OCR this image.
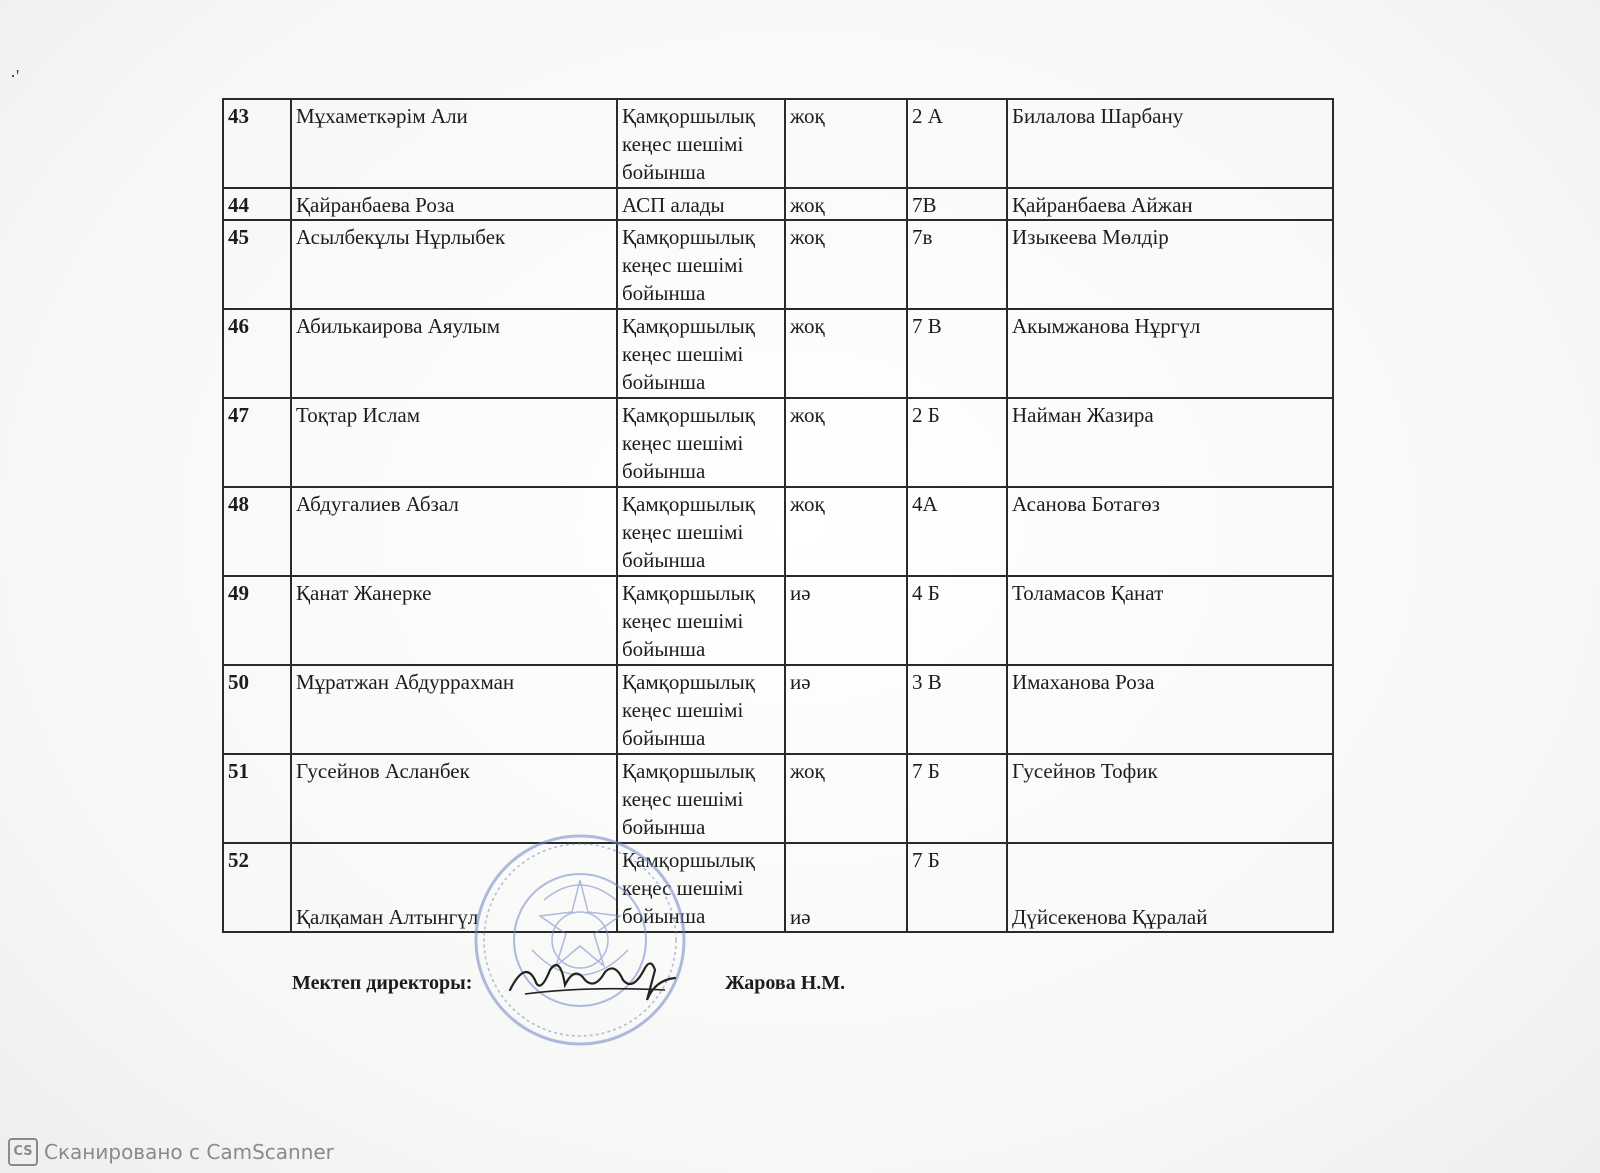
·'
43	Мұхаметкәрім Али	Қамқоршылық кеңес шешімі бойынша	жоқ	2 А	Билалова Шарбану
44	Қайранбаева Роза	АСП алады	жоқ	7В	Қайранбаева Айжан
45	Асылбекұлы Нұрлыбек	Қамқоршылық кеңес шешімі бойынша	жоқ	7в	Изыкеева Мөлдір
46	Абилькаирова Аяулым	Қамқоршылық кеңес шешімі бойынша	жоқ	7 В	Акымжанова Нұргүл
47	Тоқтар Ислам	Қамқоршылық кеңес шешімі бойынша	жоқ	2 Б	Найман Жазира
48	Абдугалиев Абзал	Қамқоршылық кеңес шешімі бойынша	жоқ	4А	Асанова Ботагөз
49	Қанат Жанерке	Қамқоршылық кеңес шешімі бойынша	иә	4 Б	Толамасов Қанат
50	Мұратжан Абдуррахман	Қамқоршылық кеңес шешімі бойынша	иә	3 В	Имаханова Роза
51	Гусейнов Асланбек	Қамқоршылық кеңес шешімі бойынша	жоқ	7 Б	Гусейнов Тофик
52	Қалқаман Алтынгүл	Қамқоршылық кеңес шешімі бойынша	иә	7 Б	Дүйсекенова Құралай
Мектеп директоры:	Жарова Н.М.
CS Сканировано с CamScanner
